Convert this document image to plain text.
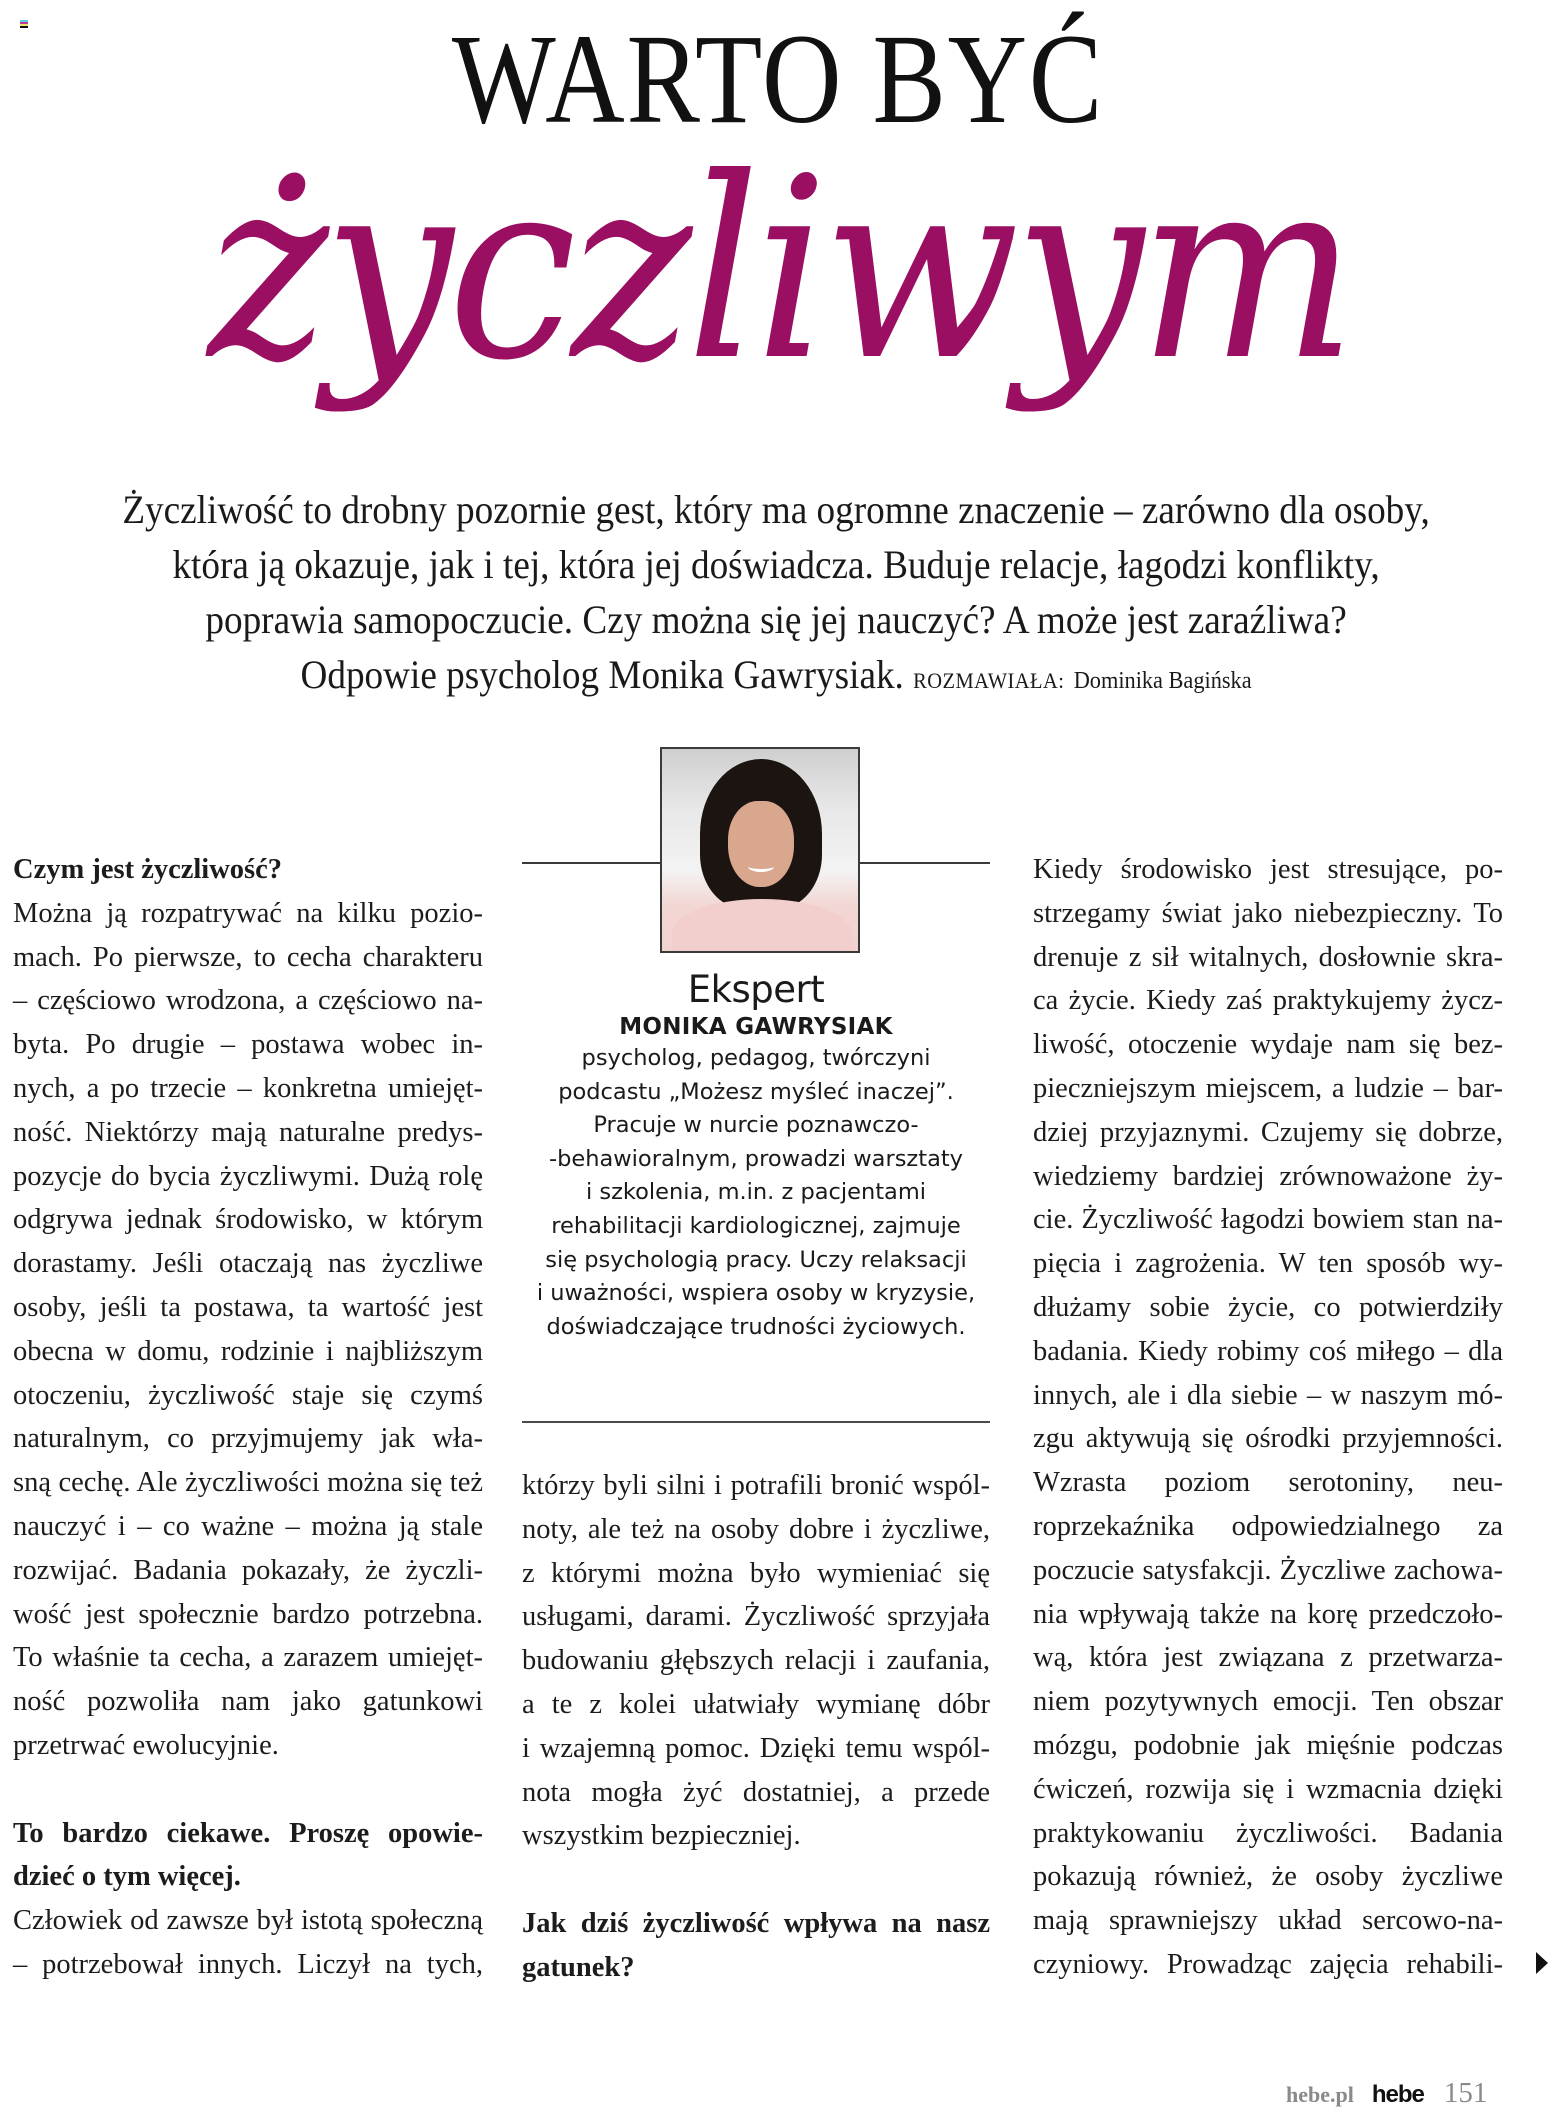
WARTO BYĆ
życzliwym
Życzliwość to drobny pozornie gest, który ma ogromne znaczenie – zarówno dla osoby,
która ją okazuje, jak i tej, która jej doświadcza. Buduje relacje, łagodzi konflikty,
poprawia samopoczucie. Czy można się jej nauczyć? A może jest zaraźliwa?
Odpowie psycholog Monika Gawrysiak. ROZMAWIAŁA: Dominika Bagińska
Czym jest życzliwość?
Można ją rozpatrywać na kilku pozio-
mach. Po pierwsze, to cecha charakteru
– częściowo wrodzona, a częściowo na-
byta. Po drugie – postawa wobec in-
nych, a po trzecie – konkretna umiejęt-
ność. Niektórzy mają naturalne predys-
pozycje do bycia życzliwymi. Dużą rolę
odgrywa jednak środowisko, w którym
dorastamy. Jeśli otaczają nas życzliwe
osoby, jeśli ta postawa, ta wartość jest
obecna w domu, rodzinie i najbliższym
otoczeniu, życzliwość staje się czymś
naturalnym, co przyjmujemy jak wła-
sną cechę. Ale życzliwości można się też
nauczyć i – co ważne – można ją stale
rozwijać. Badania pokazały, że życzli-
wość jest społecznie bardzo potrzebna.
To właśnie ta cecha, a zarazem umiejęt-
ność pozwoliła nam jako gatunkowi
przetrwać ewolucyjnie.
To bardzo ciekawe. Proszę opowie-
dzieć o tym więcej.
Człowiek od zawsze był istotą społeczną
– potrzebował innych. Liczył na tych,
Ekspert
MONIKA GAWRYSIAK
psycholog, pedagog, twórczyni
podcastu „Możesz myśleć inaczej”.
Pracuje w nurcie poznawczo-
-behawioralnym, prowadzi warsztaty
i szkolenia, m.in. z pacjentami
rehabilitacji kardiologicznej, zajmuje
się psychologią pracy. Uczy relaksacji
i uważności, wspiera osoby w kryzysie,
doświadczające trudności życiowych.
którzy byli silni i potrafili bronić wspól-
noty, ale też na osoby dobre i życzliwe,
z którymi można było wymieniać się
usługami, darami. Życzliwość sprzyjała
budowaniu głębszych relacji i zaufania,
a te z kolei ułatwiały wymianę dóbr
i wzajemną pomoc. Dzięki temu wspól-
nota mogła żyć dostatniej, a przede
wszystkim bezpieczniej.
Jak dziś życzliwość wpływa na nasz
gatunek?
Kiedy środowisko jest stresujące, po-
strzegamy świat jako niebezpieczny. To
drenuje z sił witalnych, dosłownie skra-
ca życie. Kiedy zaś praktykujemy życz-
liwość, otoczenie wydaje nam się bez-
pieczniejszym miejscem, a ludzie – bar-
dziej przyjaznymi. Czujemy się dobrze,
wiedziemy bardziej zrównoważone ży-
cie. Życzliwość łagodzi bowiem stan na-
pięcia i zagrożenia. W ten sposób wy-
dłużamy sobie życie, co potwierdziły
badania. Kiedy robimy coś miłego – dla
innych, ale i dla siebie – w naszym mó-
zgu aktywują się ośrodki przyjemności.
Wzrasta poziom serotoniny, neu-
roprzekaźnika odpowiedzialnego za
poczucie satysfakcji. Życzliwe zachowa-
nia wpływają także na korę przedczoło-
wą, która jest związana z przetwarza-
niem pozytywnych emocji. Ten obszar
mózgu, podobnie jak mięśnie podczas
ćwiczeń, rozwija się i wzmacnia dzięki
praktykowaniu życzliwości. Badania
pokazują również, że osoby życzliwe
mają sprawniejszy układ sercowo-na-
czyniowy. Prowadząc zajęcia rehabili-
hebe.pl hebe 151
